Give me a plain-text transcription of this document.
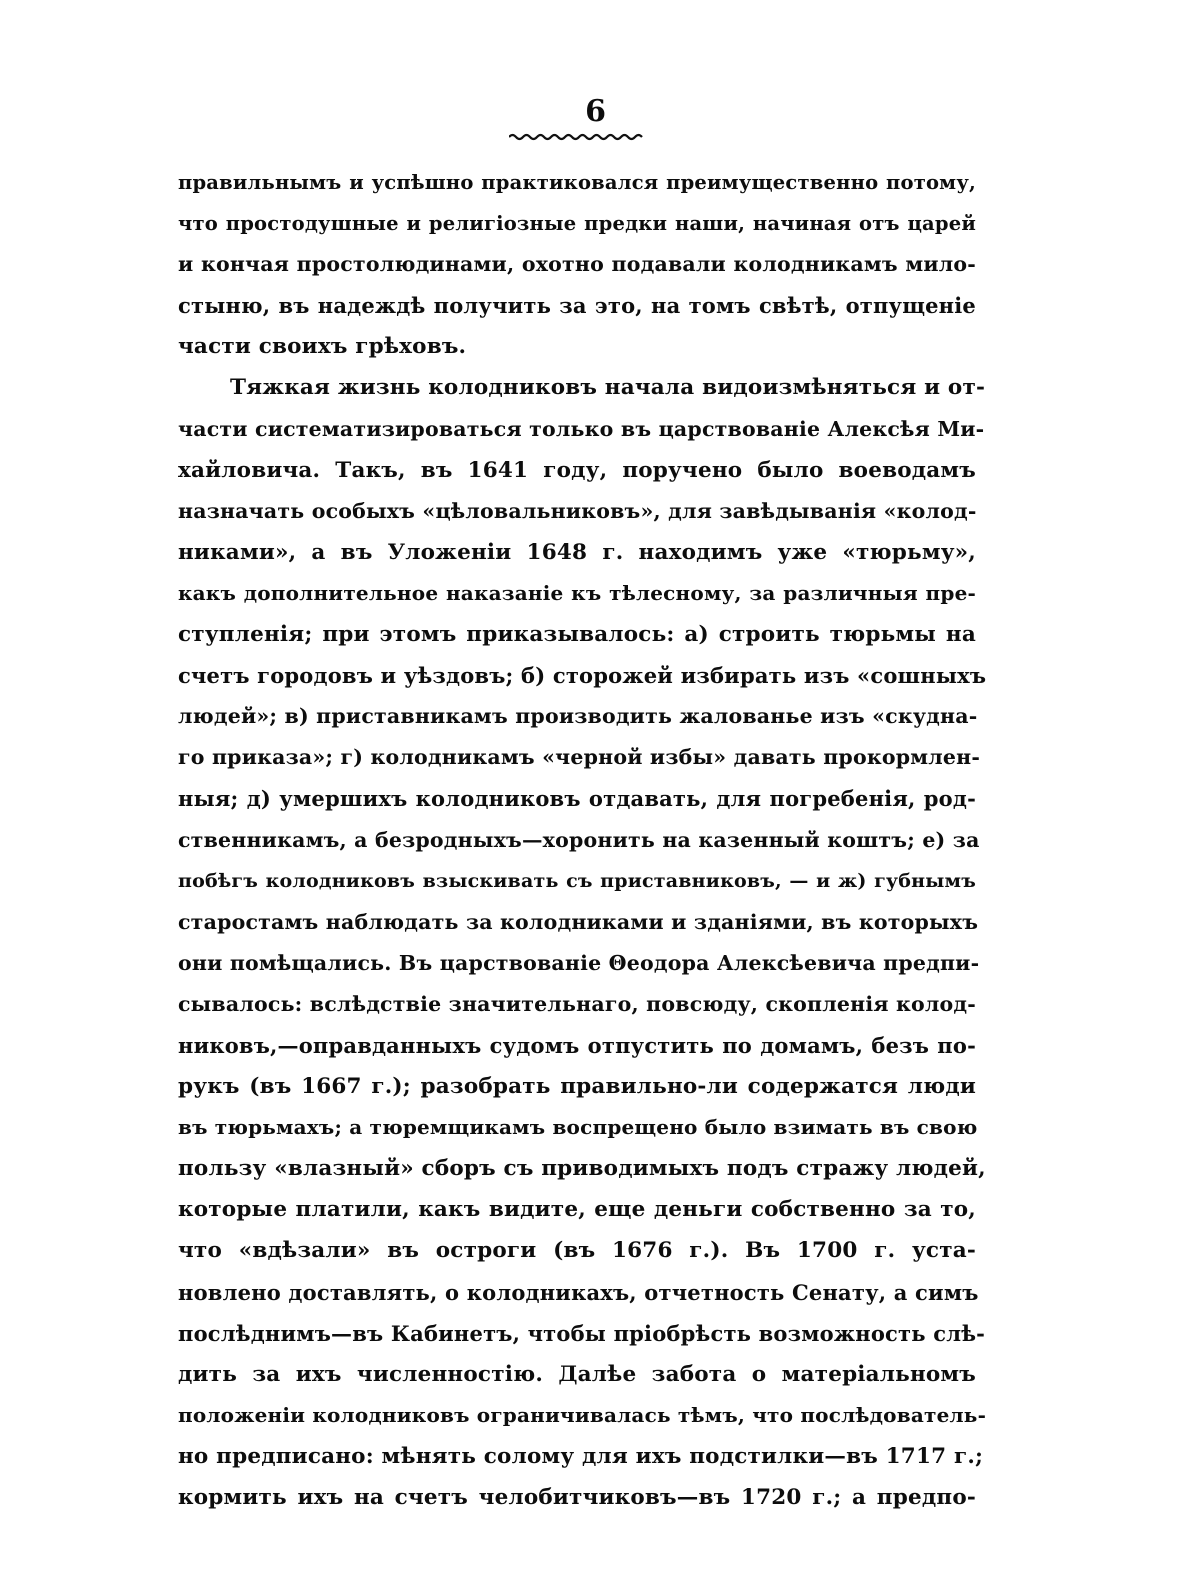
6
правильнымъ и успѣшно практиковался преимущественно потому,
что простодушные и религіозные предки наши, начиная отъ царей
и кончая простолюдинами, охотно подавали колодникамъ мило-
стыню, въ надеждѣ получить за это, на томъ свѣтѣ, отпущеніе
части своихъ грѣховъ.
Тяжкая жизнь колодниковъ начала видоизмѣняться и от-
части систематизироваться только въ царствованіе Алексѣя Ми-
хайловича. Такъ, въ 1641 году, поручено было воеводамъ
назначать особыхъ «цѣловальниковъ», для завѣдыванія «колод-
никами», а въ Уложеніи 1648 г. находимъ уже «тюрьму»,
какъ дополнительное наказаніе къ тѣлесному, за различныя пре-
ступленія; при этомъ приказывалось: а) строить тюрьмы на
счетъ городовъ и уѣздовъ; б) сторожей избирать изъ «сошныхъ
людей»; в) приставникамъ производить жалованье изъ «скудна-
го приказа»; г) колодникамъ «черной избы» давать прокормлен-
ныя; д) умершихъ колодниковъ отдавать, для погребенія, род-
ственникамъ, а безродныхъ—хоронить на казенный коштъ; е) за
побѣгъ колодниковъ взыскивать съ приставниковъ, — и ж) губнымъ
старостамъ наблюдать за колодниками и зданіями, въ которыхъ
они помѣщались. Въ царствованіе Θеодора Алексѣевича предпи-
сывалось: вслѣдствіе значительнаго, повсюду, скопленія колод-
никовъ,—оправданныхъ судомъ отпустить по домамъ, безъ по-
рукъ (въ 1667 г.); разобрать правильно-ли содержатся люди
въ тюрьмахъ; а тюремщикамъ воспрещено было взимать въ свою
пользу «влазный» сборъ съ приводимыхъ подъ стражу людей,
которые платили, какъ видите, еще деньги собственно за то,
что «вдѣзали» въ остроги (въ 1676 г.). Въ 1700 г. уста-
новлено доставлять, о колодникахъ, отчетность Сенату, а симъ
послѣднимъ—въ Кабинетъ, чтобы пріобрѣсть возможность слѣ-
дить за ихъ численностію. Далѣе забота о матеріальномъ
положеніи колодниковъ ограничивалась тѣмъ, что послѣдователь-
но предписано: мѣнять солому для ихъ подстилки—въ 1717 г.;
кормить ихъ на счетъ челобитчиковъ—въ 1720 г.; а предпо-
